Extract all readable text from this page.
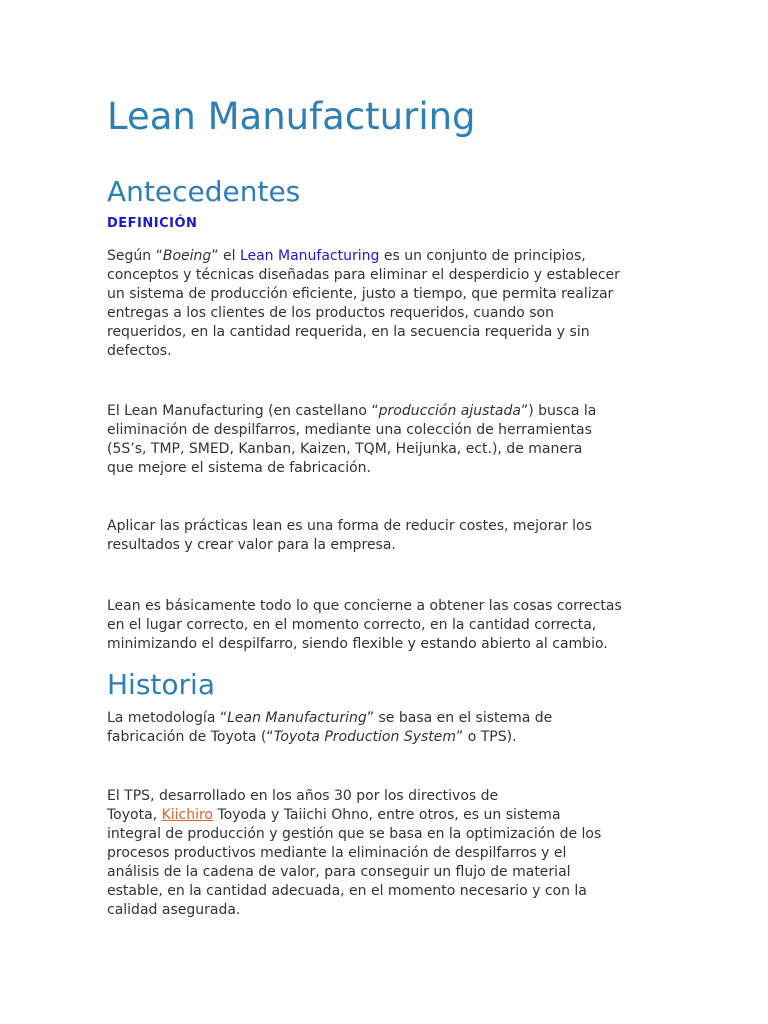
Lean Manufacturing
Antecedentes
DEFINICIÓN

Según “Boeing” el Lean Manufacturing es un conjunto de principios,
conceptos y técnicas diseñadas para eliminar el desperdicio y establecer
un sistema de producción eficiente, justo a tiempo, que permita realizar
entregas a los clientes de los productos requeridos, cuando son
requeridos, en la cantidad requerida, en la secuencia requerida y sin
defectos.

El Lean Manufacturing (en castellano “producción ajustada”) busca la
eliminación de despilfarros, mediante una colección de herramientas
(5S’s, TMP, SMED, Kanban, Kaizen, TQM, Heijunka, ect.), de manera
que mejore el sistema de fabricación.

Aplicar las prácticas lean es una forma de reducir costes, mejorar los
resultados y crear valor para la empresa.

Lean es básicamente todo lo que concierne a obtener las cosas correctas
en el lugar correcto, en el momento correcto, en la cantidad correcta,
minimizando el despilfarro, siendo flexible y estando abierto al cambio.

Historia

La metodología “Lean Manufacturing” se basa en el sistema de
fabricación de Toyota (“Toyota Production System” o TPS).

El TPS, desarrollado en los años 30 por los directivos de
Toyota, Kiichiro Toyoda y Taiichi Ohno, entre otros, es un sistema
integral de producción y gestión que se basa en la optimización de los
procesos productivos mediante la eliminación de despilfarros y el
análisis de la cadena de valor, para conseguir un flujo de material
estable, en la cantidad adecuada, en el momento necesario y con la
calidad asegurada.
